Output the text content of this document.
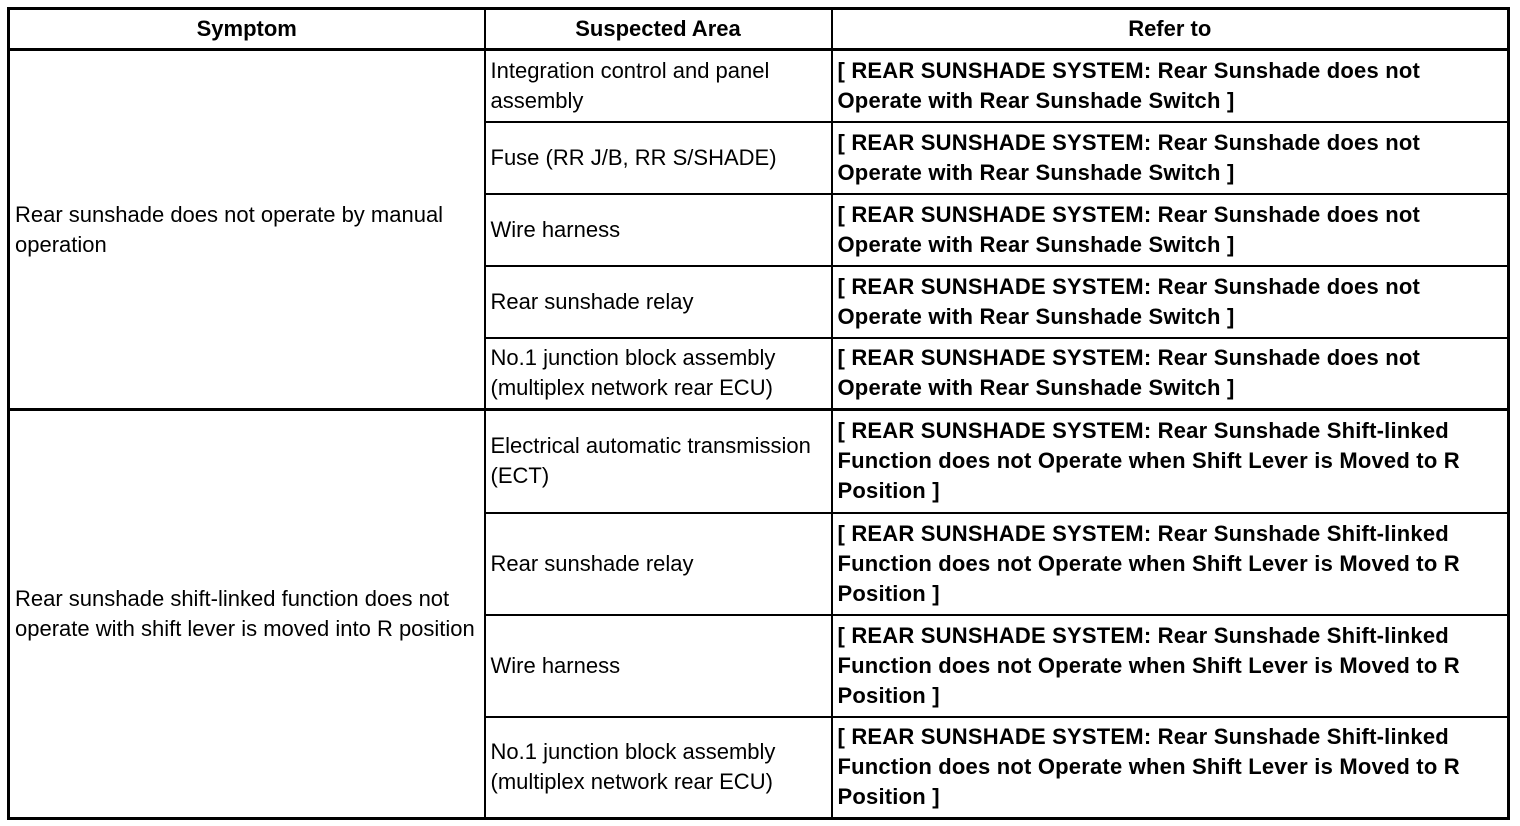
Symptom	Suspected Area	Refer to
Rear sunshade does not operate by manual operation	Integration control and panel assembly	[ REAR SUNSHADE SYSTEM: Rear Sunshade does not Operate with Rear Sunshade Switch ]
	Fuse (RR J/B, RR S/SHADE)	[ REAR SUNSHADE SYSTEM: Rear Sunshade does not Operate with Rear Sunshade Switch ]
	Wire harness	[ REAR SUNSHADE SYSTEM: Rear Sunshade does not Operate with Rear Sunshade Switch ]
	Rear sunshade relay	[ REAR SUNSHADE SYSTEM: Rear Sunshade does not Operate with Rear Sunshade Switch ]
	No.1 junction block assembly (multiplex network rear ECU)	[ REAR SUNSHADE SYSTEM: Rear Sunshade does not Operate with Rear Sunshade Switch ]
Rear sunshade shift-linked function does not operate with shift lever is moved into R position	Electrical automatic transmission (ECT)	[ REAR SUNSHADE SYSTEM: Rear Sunshade Shift-linked Function does not Operate when Shift Lever is Moved to R Position ]
	Rear sunshade relay	[ REAR SUNSHADE SYSTEM: Rear Sunshade Shift-linked Function does not Operate when Shift Lever is Moved to R Position ]
	Wire harness	[ REAR SUNSHADE SYSTEM: Rear Sunshade Shift-linked Function does not Operate when Shift Lever is Moved to R Position ]
	No.1 junction block assembly (multiplex network rear ECU)	[ REAR SUNSHADE SYSTEM: Rear Sunshade Shift-linked Function does not Operate when Shift Lever is Moved to R Position ]
